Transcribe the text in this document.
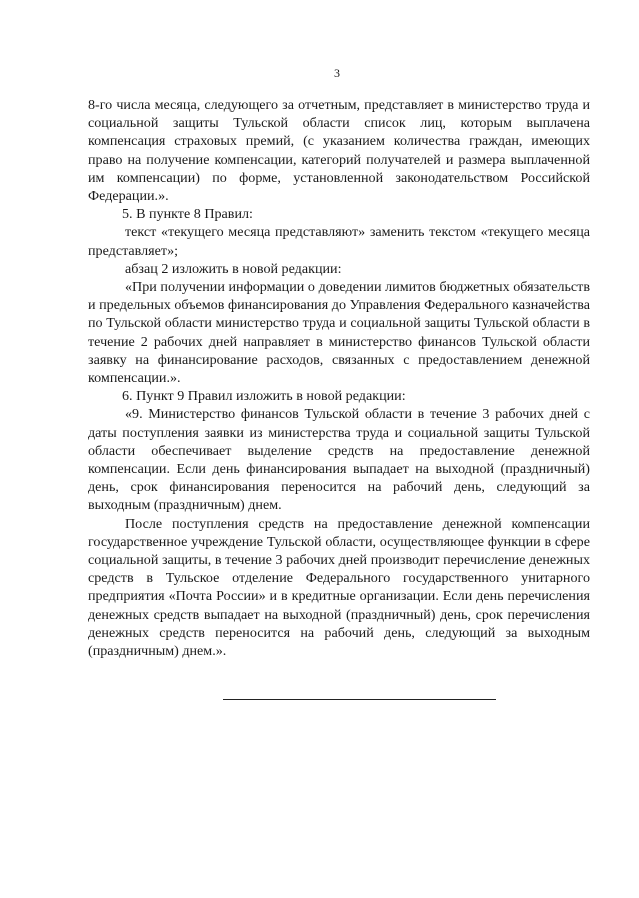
3

8-го числа месяца, следующего за отчетным, представляет в министерство труда и социальной защиты Тульской области список лиц, которым выплачена компенсация страховых премий, (с указанием количества граждан, имеющих право на получение компенсации, категорий получателей и размера выплаченной им компенсации) по форме, установленной законодательством Российской Федерации.».

5. В пункте 8 Правил:

текст «текущего месяца представляют» заменить текстом «текущего месяца представляет»;

абзац 2 изложить в новой редакции:

«При получении информации о доведении лимитов бюджетных обязательств и предельных объемов финансирования до Управления Федерального казначейства по Тульской области министерство труда и социальной защиты Тульской области в течение 2 рабочих дней направляет в министерство финансов Тульской области заявку на финансирование расходов, связанных с предоставлением денежной компенсации.».

6. Пункт 9 Правил изложить в новой редакции:

«9. Министерство финансов Тульской области в течение 3 рабочих дней с даты поступления заявки из министерства труда и социальной защиты Тульской области обеспечивает выделение средств на предоставление денежной компенсации. Если день финансирования выпадает на выходной (праздничный) день, срок финансирования переносится на рабочий день, следующий за выходным (праздничным) днем.

После поступления средств на предоставление денежной компенсации государственное учреждение Тульской области, осуществляющее функции в сфере социальной защиты, в течение 3 рабочих дней производит перечисление денежных средств в Тульское отделение Федерального государственного унитарного предприятия «Почта России» и в кредитные организации. Если день перечисления денежных средств выпадает на выходной (праздничный) день, срок перечисления денежных средств переносится на рабочий день, следующий за выходным (праздничным) днем.».
